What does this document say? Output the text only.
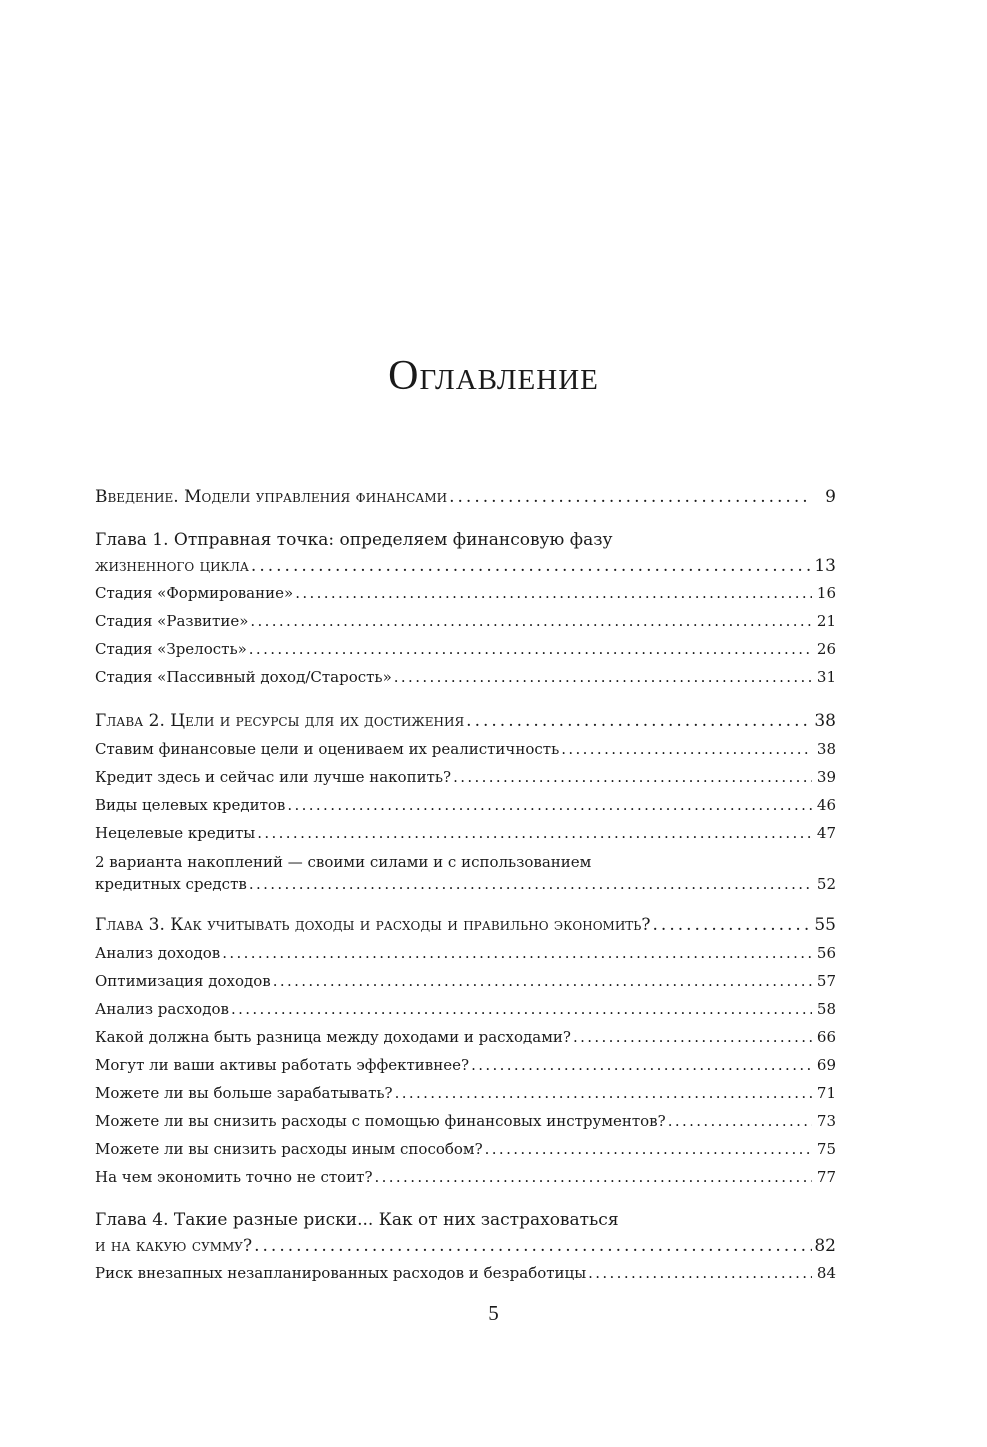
Оглавление
Введение. Модели управления финансами . . .	9
Глава 1. Отправная точка: определяем финансовую фазу
жизненного цикла . . .	13
Стадия «Формирование» . . .	16
Стадия «Развитие» . . .	21
Стадия «Зрелость» . . .	26
Стадия «Пассивный доход/Старость» . . .	31
Глава 2. Цели и ресурсы для их достижения . . .	38
Ставим финансовые цели и оцениваем их реалистичность . . .	38
Кредит здесь и сейчас или лучше накопить? . . .	39
Виды целевых кредитов . . .	46
Нецелевые кредиты . . .	47
2 варианта накоплений — своими силами и с использованием
кредитных средств . . .	52
Глава 3. Как учитывать доходы и расходы и правильно экономить? . . .	55
Анализ доходов . . .	56
Оптимизация доходов . . .	57
Анализ расходов . . .	58
Какой должна быть разница между доходами и расходами? . . .	66
Могут ли ваши активы работать эффективнее? . . .	69
Можете ли вы больше зарабатывать? . . .	71
Можете ли вы снизить расходы с помощью финансовых инструментов? . . .	73
Можете ли вы снизить расходы иным способом? . . .	75
На чем экономить точно не стоит? . . .	77
Глава 4. Такие разные риски... Как от них застраховаться
и на какую сумму? . . .	82
Риск внезапных незапланированных расходов и безработицы . . .	84
5
